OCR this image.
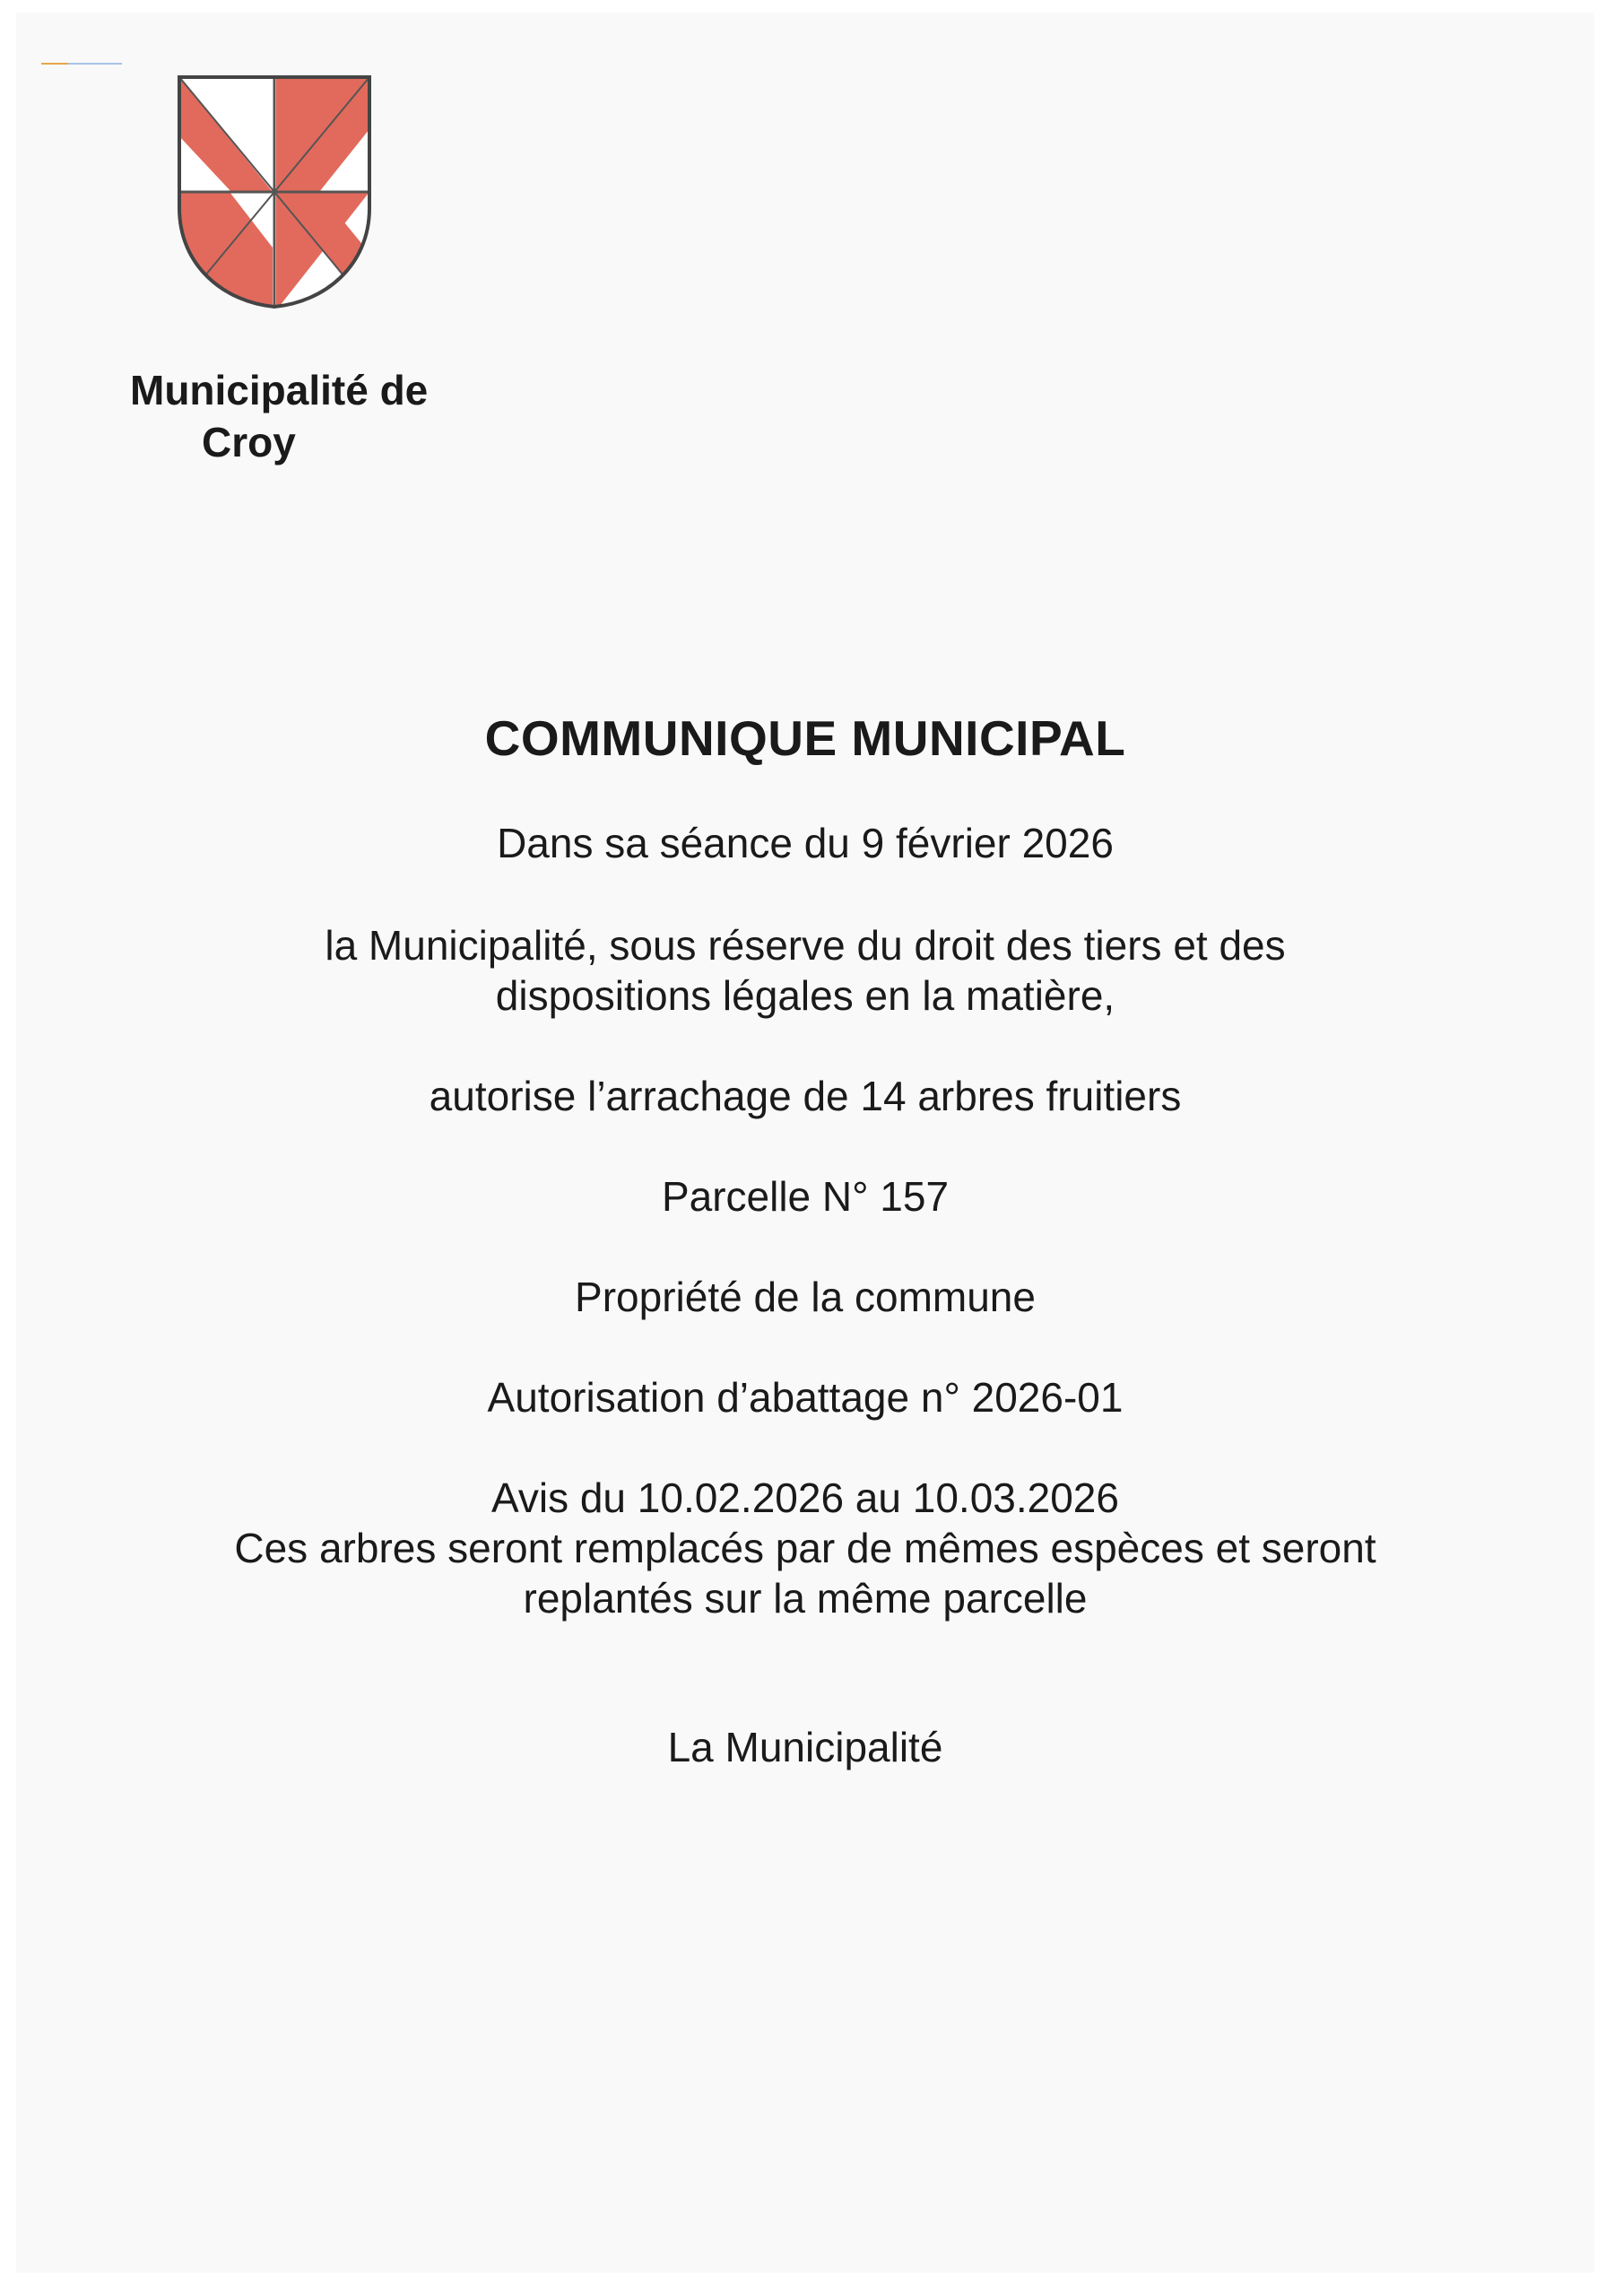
Municipalité de
Croy
COMMUNIQUE MUNICIPAL
Dans sa séance du 9 février 2026
la Municipalité, sous réserve du droit des tiers et des
dispositions légales en la matière,
autorise l’arrachage de 14 arbres fruitiers
Parcelle N° 157
Propriété de la commune
Autorisation d’abattage n° 2026-01
Avis du 10.02.2026 au 10.03.2026
Ces arbres seront remplacés par de mêmes espèces et seront
replantés sur la même parcelle
La Municipalité
